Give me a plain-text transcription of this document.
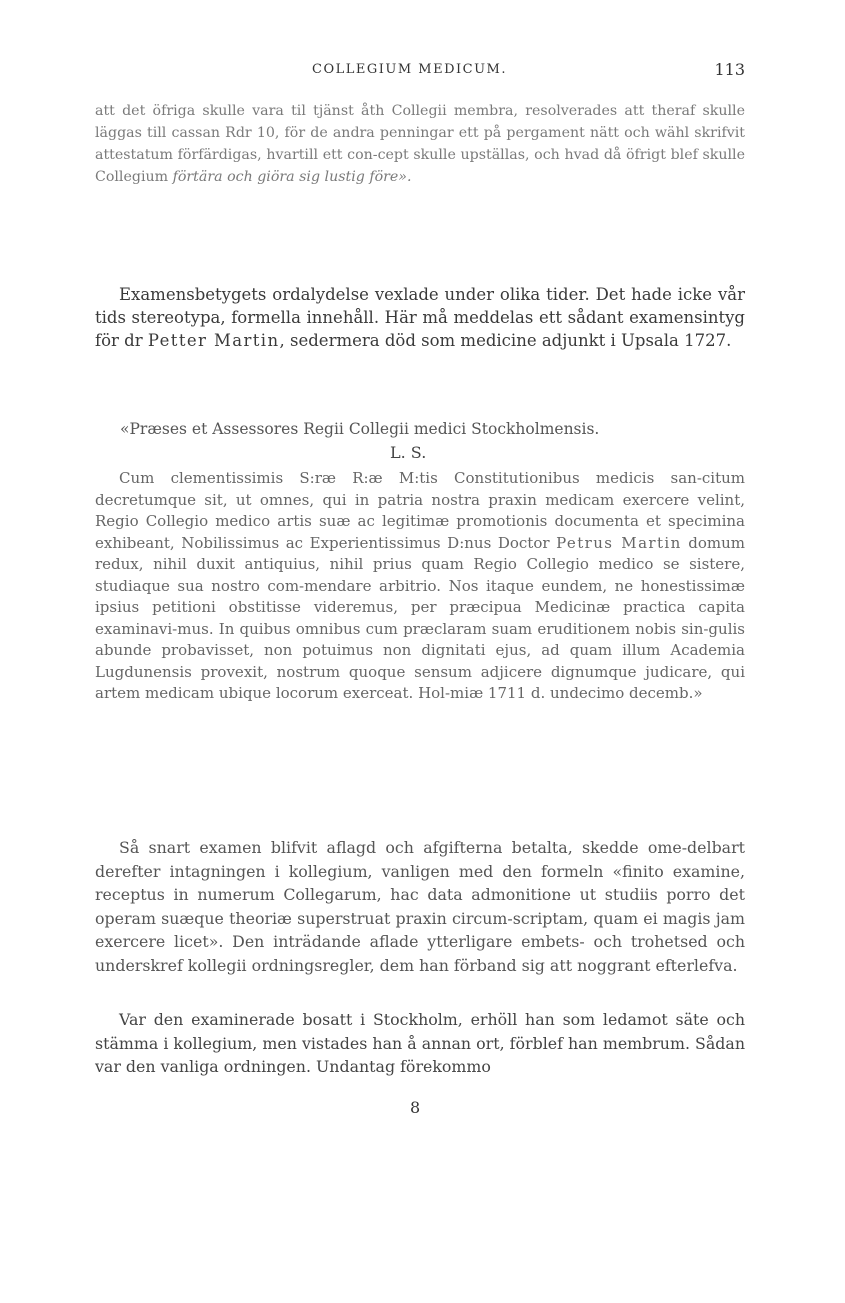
COLLEGIUM MEDICUM.	113

att det öfriga skulle vara til tjänst åth Collegii membra, resolverades att theraf skulle läggas till cassan Rdr 10, för de andra penningar ett på pergament nätt och wähl skrifvit attestatum förfärdigas, hvartill ett con-cept skulle upställas, och hvad då öfrigt blef skulle Collegium förtära och giöra sig lustig före».

Examensbetygets ordalydelse vexlade under olika tider. Det hade icke vår tids stereotypa, formella innehåll. Här må meddelas ett sådant examensintyg för dr Petter Martin, sedermera död som medicine adjunkt i Upsala 1727.

«Præses et Assessores Regii Collegii medici Stockholmensis.
L. S.

Cum clementissimis S:ræ R:æ M:tis Constitutionibus medicis san-citum decretumque sit, ut omnes, qui in patria nostra praxin medicam exercere velint, Regio Collegio medico artis suæ ac legitimæ promotionis documenta et specimina exhibeant, Nobilissimus ac Experientissimus D:nus Doctor Petrus Martin domum redux, nihil duxit antiquius, nihil prius quam Regio Collegio medico se sistere, studiaque sua nostro com-mendare arbitrio. Nos itaque eundem, ne honestissimæ ipsius petitioni obstitisse videremus, per præcipua Medicinæ practica capita examinavi-mus. In quibus omnibus cum præclaram suam eruditionem nobis sin-gulis abunde probavisset, non potuimus non dignitati ejus, ad quam illum Academia Lugdunensis provexit, nostrum quoque sensum adjicere dignumque judicare, qui artem medicam ubique locorum exerceat. Hol-miæ 1711 d. undecimo decemb.»

Så snart examen blifvit aflagd och afgifterna betalta, skedde ome-delbart derefter intagningen i kollegium, vanligen med den formeln «finito examine, receptus in numerum Collegarum, hac data admonitione ut studiis porro det operam suæque theoriæ superstruat praxin circum-scriptam, quam ei magis jam exercere licet». Den inträdande aflade ytterligare embets- och trohetsed och underskref kollegii ordningsregler, dem han förband sig att noggrant efterlefva.

Var den examinerade bosatt i Stockholm, erhöll han som ledamot säte och stämma i kollegium, men vistades han å annan ort, förblef han membrum. Sådan var den vanliga ordningen. Undantag förekommo

8
